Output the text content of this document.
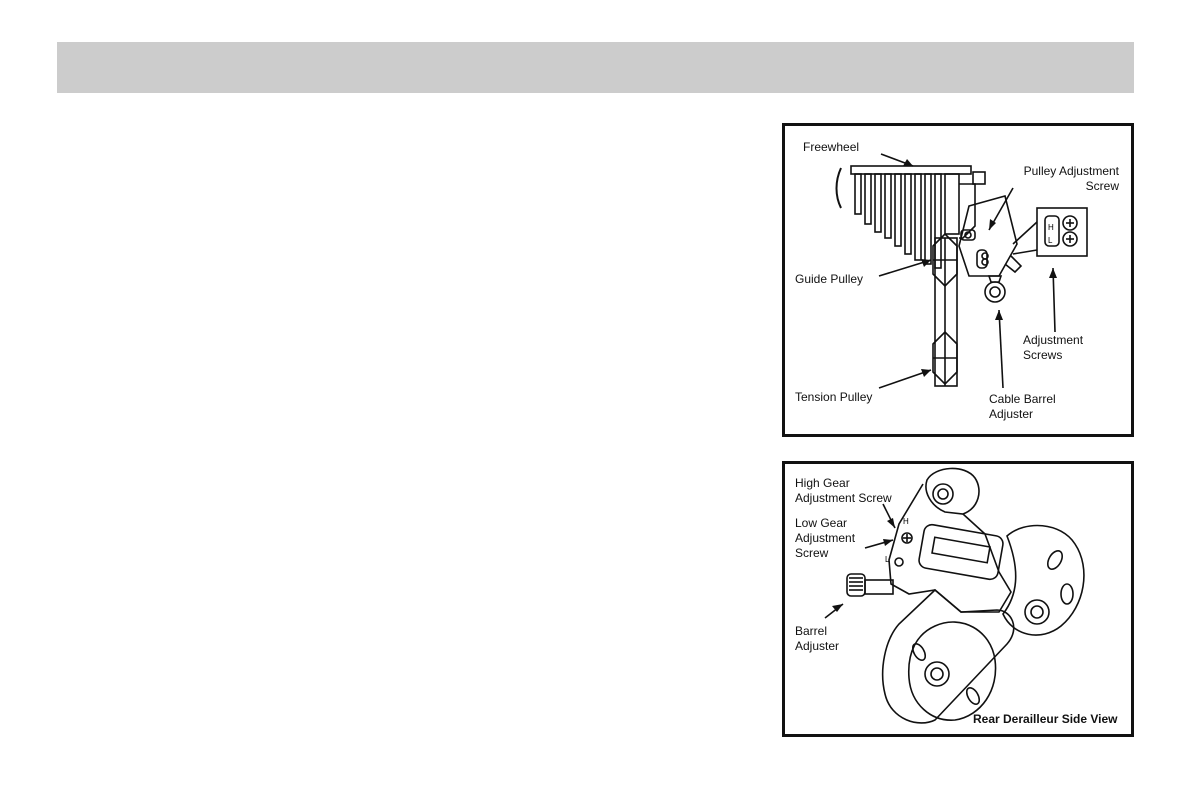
H
L
Freewheel
Pulley Adjustment
Screw
Guide Pulley
Tension Pulley
Adjustment
Screws
Cable Barrel
Adjuster
H
L
High Gear
Adjustment Screw
Low Gear
Adjustment
Screw
Barrel
Adjuster
Rear Derailleur Side View
